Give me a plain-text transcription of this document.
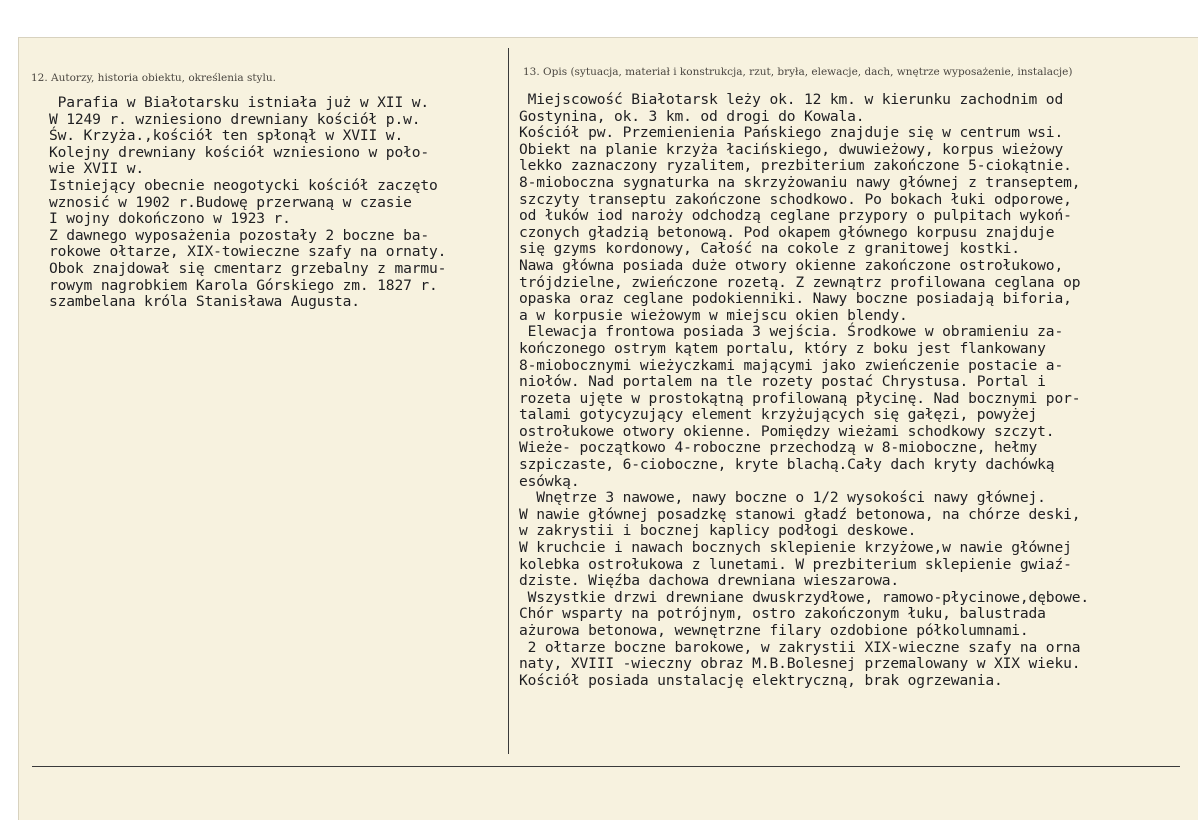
12. Autorzy, historia obiektu, określenia stylu.	13. Opis (sytuacja, materiał i konstrukcja, rzut, bryła, elewacje, dach, wnętrze wyposażenie, instalacje)
Parafia w Białotarsku istniała już w XII w.
W 1249 r. wzniesiono drewniany kościół p.w.
Św. Krzyża.,kościół ten spłonął w XVII w.
Kolejny drewniany kościół wzniesiono w poło-
wie XVII w.
Istniejący obecnie neogotycki kościół zaczęto
wznosić w 1902 r.Budowę przerwaną w czasie
I wojny dokończono w 1923 r.
Z dawnego wyposażenia pozostały 2 boczne ba-
rokowe ołtarze, XIX-towieczne szafy na ornaty.
Obok znajdował się cmentarz grzebalny z marmu-
rowym nagrobkiem Karola Górskiego zm. 1827 r.
szambelana króla Stanisława Augusta.
Miejscowość Białotarsk leży ok. 12 km. w kierunku zachodnim od
Gostynina, ok. 3 km. od drogi do Kowala.
Kościół pw. Przemienienia Pańskiego znajduje się w centrum wsi.
Obiekt na planie krzyża łacińskiego, dwuwieżowy, korpus wieżowy
lekko zaznaczony ryzalitem, prezbiterium zakończone 5-ciokątnie.
8-mioboczna sygnaturka na skrzyżowaniu nawy głównej z transeptem,
szczyty transeptu zakończone schodkowo. Po bokach łuki odporowe,
od łuków iod naroży odchodzą ceglane przypory o pulpitach wykoń-
czonych gładzią betonową. Pod okapem głównego korpusu znajduje
się gzyms kordonowy, Całość na cokole z granitowej kostki.
Nawa główna posiada duże otwory okienne zakończone ostrołukowo,
trójdzielne, zwieńczone rozetą. Z zewnątrz profilowana ceglana op
opaska oraz ceglane podokienniki. Nawy boczne posiadają biforia,
a w korpusie wieżowym w miejscu okien blendy.
Elewacja frontowa posiada 3 wejścia. Środkowe w obramieniu za-
kończonego ostrym kątem portalu, który z boku jest flankowany
8-miobocznymi wieżyczkami mającymi jako zwieńczenie postacie a-
niołów. Nad portalem na tle rozety postać Chrystusa. Portal i
rozeta ujęte w prostokątną profilowaną płycinę. Nad bocznymi por-
talami gotycyzujący element krzyżujących się gałęzi, powyżej
ostrołukowe otwory okienne. Pomiędzy wieżami schodkowy szczyt.
Wieże- początkowo 4-roboczne przechodzą w 8-mioboczne, hełmy
szpiczaste, 6-cioboczne, kryte blachą.Cały dach kryty dachówką
esówką.
Wnętrze 3 nawowe, nawy boczne o 1/2 wysokości nawy głównej.
W nawie głównej posadzkę stanowi gładź betonowa, na chórze deski,
w zakrystii i bocznej kaplicy podłogi deskowe.
W kruchcie i nawach bocznych sklepienie krzyżowe,w nawie głównej
kolebka ostrołukowa z lunetami. W prezbiterium sklepienie gwiaź-
dziste. Więźba dachowa drewniana wieszarowa.
Wszystkie drzwi drewniane dwuskrzydłowe, ramowo-płycinowe,dębowe.
Chór wsparty na potrójnym, ostro zakończonym łuku, balustrada
ażurowa betonowa, wewnętrzne filary ozdobione półkolumnami.
2 ołtarze boczne barokowe, w zakrystii XIX-wieczne szafy na orna
naty, XVIII -wieczny obraz M.B.Bolesnej przemalowany w XIX wieku.
Kościół posiada unstalację elektryczną, brak ogrzewania.
